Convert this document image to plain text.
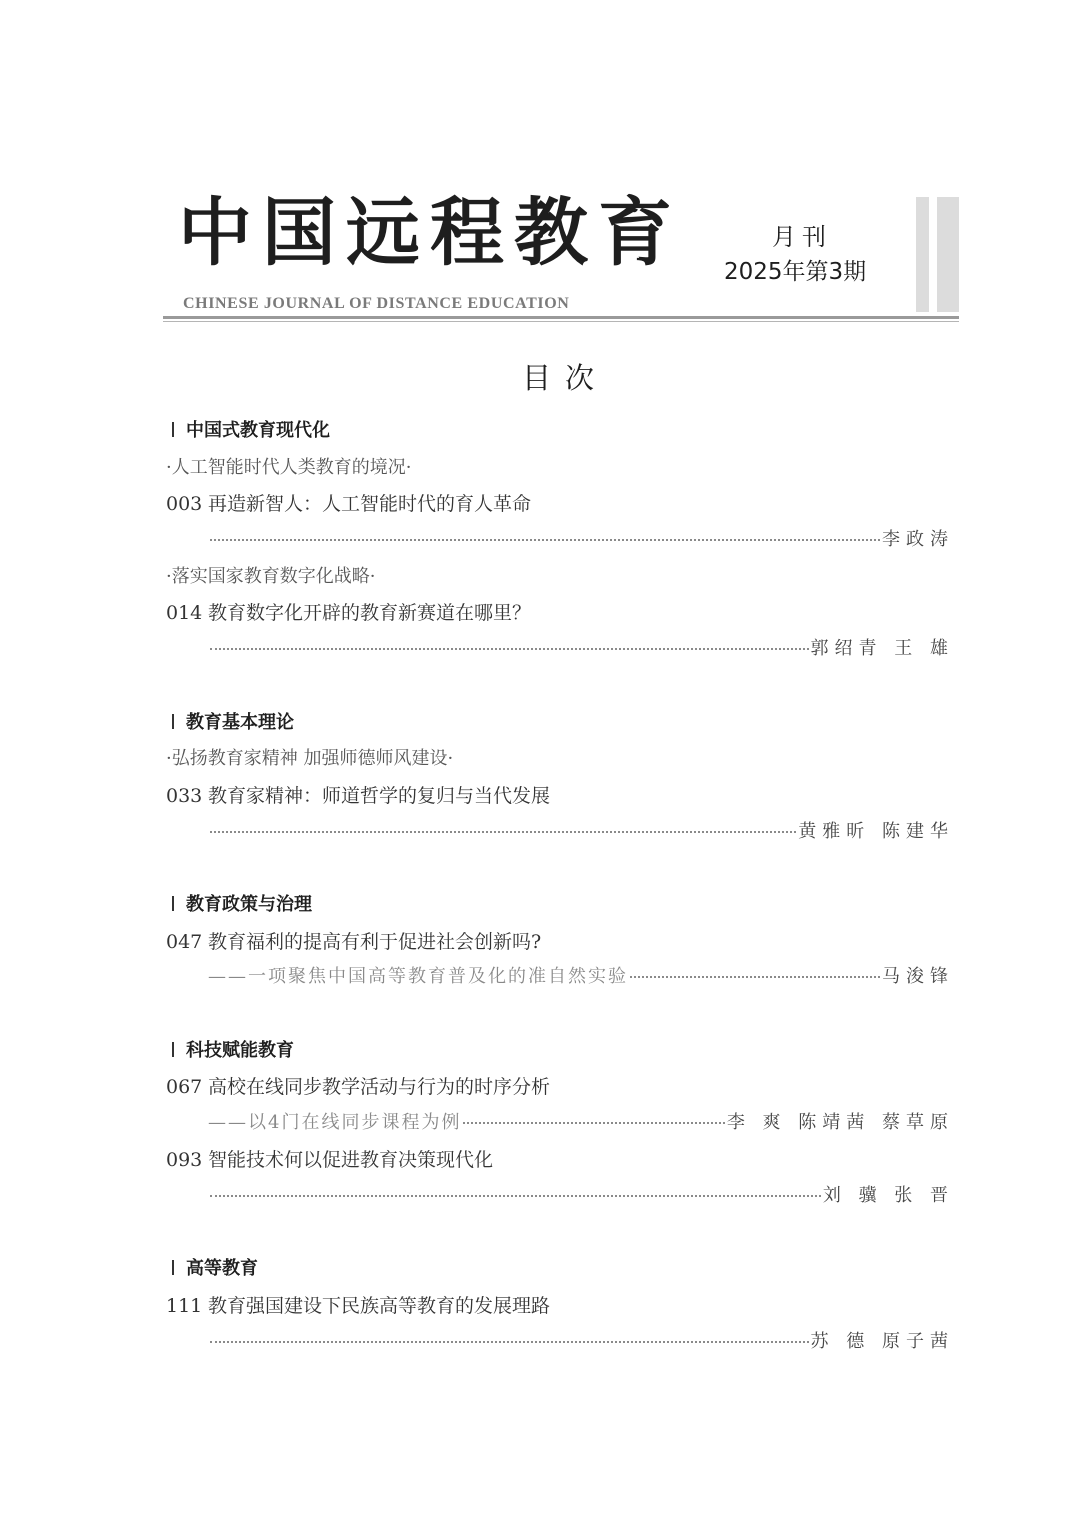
中国远程教育
CHINESE JOURNAL OF DISTANCE EDUCATION
月刊
2025年第3期
目次
中国式教育现代化
·人工智能时代人类教育的境况·
003 再造新智人：人工智能时代的育人革命
李政涛
·落实国家教育数字化战略·
014 教育数字化开辟的教育新赛道在哪里？
郭绍青 王 雄
教育基本理论
·弘扬教育家精神 加强师德师风建设·
033 教育家精神：师道哲学的复归与当代发展
黄雅昕 陈建华
教育政策与治理
047 教育福利的提高有利于促进社会创新吗?
——一项聚焦中国高等教育普及化的准自然实验	马浚锋
科技赋能教育
067 高校在线同步教学活动与行为的时序分析
——以4门在线同步课程为例	李 爽 陈靖茜 蔡草原
093 智能技术何以促进教育决策现代化
刘 骥 张 晋
高等教育
111 教育强国建设下民族高等教育的发展理路
苏 德 原子茜
